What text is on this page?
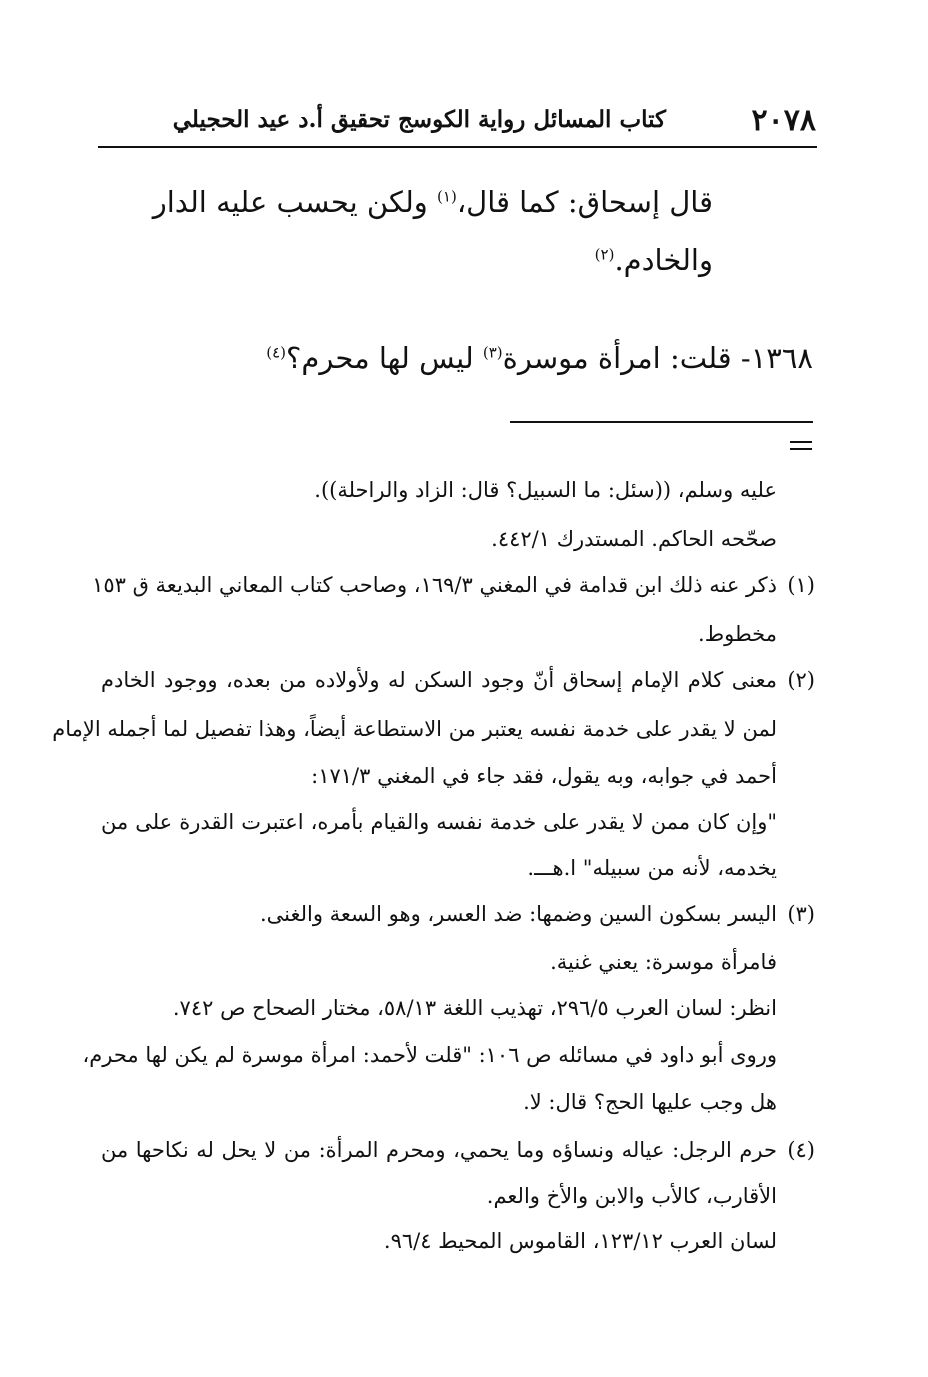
٢٠٧٨
كتاب المسائل رواية الكوسج تحقيق أ.د عيد الحجيلي
قال إسحاق: كما قال،$^{(١)}$ ولكن يحسب عليه الدار
والخادم.$^{(٢)}$
١٣٦٨- قلت: امرأة موسرة$^{(٣)}$ ليس لها محرم؟$^{(٤)}$
عليه وسلم، ((سئل: ما السبيل؟ قال: الزاد والراحلة)).
صحّحه الحاكم. المستدرك ٤٤٢/١.
(١)
ذكر عنه ذلك ابن قدامة في المغني ١٦٩/٣، وصاحب كتاب المعاني البديعة ق ١٥٣
مخطوط.
(٢)
معنى كلام الإمام إسحاق أنّ وجود السكن له ولأولاده من بعده، ووجود الخادم
لمن لا يقدر على خدمة نفسه يعتبر من الاستطاعة أيضاً، وهذا تفصيل لما أجمله الإمام
أحمد في جوابه، وبه يقول، فقد جاء في المغني ١٧١/٣:
"وإن كان ممن لا يقدر على خدمة نفسه والقيام بأمره، اعتبرت القدرة على من
يخدمه، لأنه من سبيله" ا.هـــ.
(٣)
اليسر بسكون السين وضمها: ضد العسر، وهو السعة والغنى.
فامرأة موسرة: يعني غنية.
انظر: لسان العرب ٢٩٦/٥، تهذيب اللغة ٥٨/١٣، مختار الصحاح ص ٧٤٢.
وروى أبو داود في مسائله ص ١٠٦: "قلت لأحمد: امرأة موسرة لم يكن لها محرم،
هل وجب عليها الحج؟ قال: لا.
(٤)
حرم الرجل: عياله ونساؤه وما يحمي، ومحرم المرأة: من لا يحل له نكاحها من
الأقارب، كالأب والابن والأخ والعم.
لسان العرب ١٢٣/١٢، القاموس المحيط ٩٦/٤.
